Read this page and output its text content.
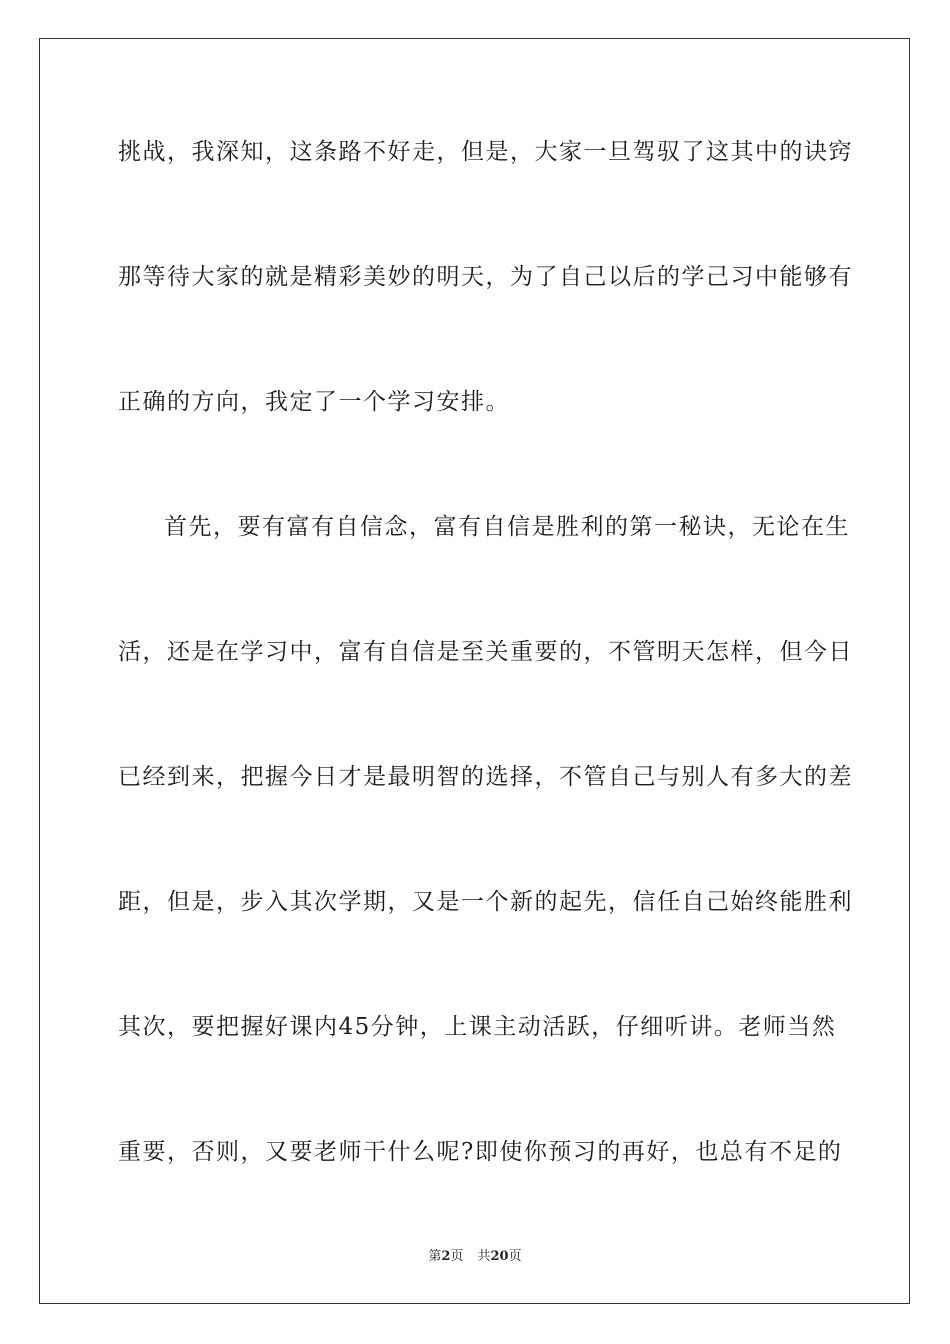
挑战，我深知，这条路不好走，但是，大家一旦驾驭了这其中的诀窍
那等待大家的就是精彩美妙的明天，为了自己以后的学己习中能够有
正确的方向，我定了一个学习安排。
首先，要有富有自信念，富有自信是胜利的第一秘诀，无论在生
活，还是在学习中，富有自信是至关重要的，不管明天怎样，但今日
已经到来，把握今日才是最明智的选择，不管自己与别人有多大的差
距，但是，步入其次学期，又是一个新的起先，信任自己始终能胜利
其次，要把握好课内45分钟，上课主动活跃，仔细听讲。老师当然
重要，否则，又要老师干什么呢?即使你预习的再好，也总有不足的
第2页 共20页
